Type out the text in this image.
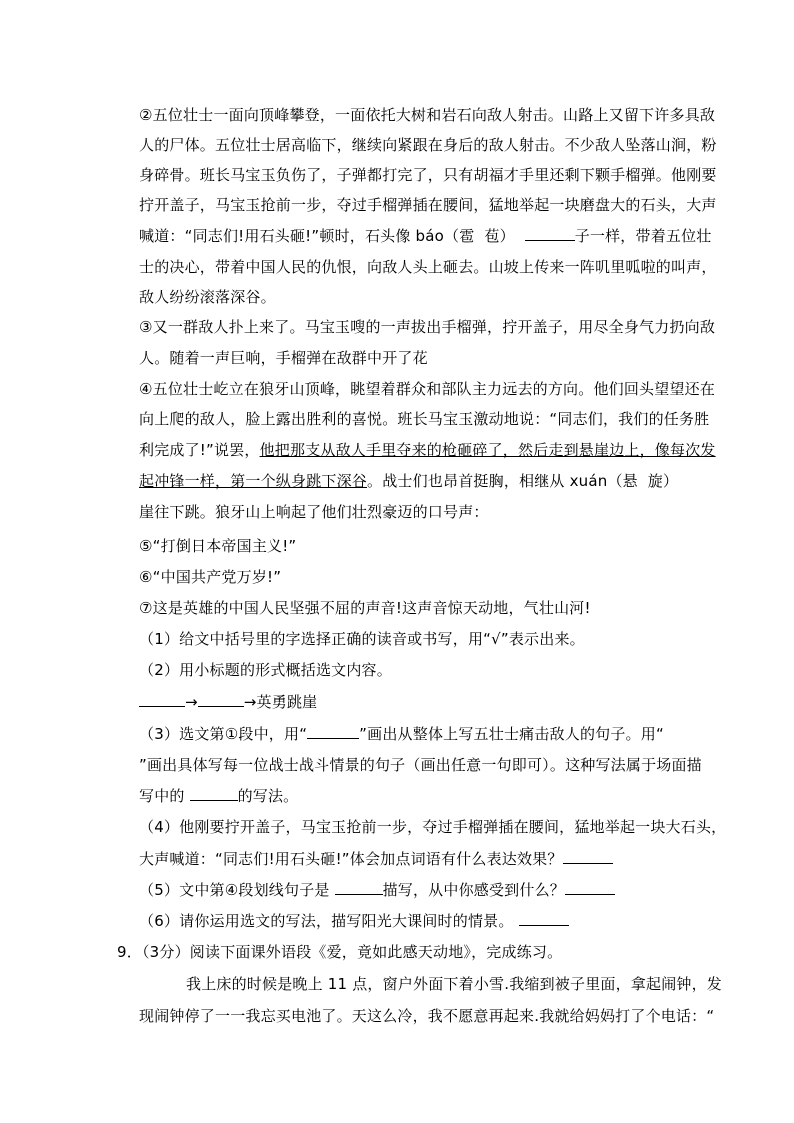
②五位壮士一面向顶峰攀登，一面依托大树和岩石向敌人射击。山路上又留下许多具敌
人的尸体。五位壮士居高临下，继续向紧跟在身后的敌人射击。不少敌人坠落山涧，粉
身碎骨。班长马宝玉负伤了，子弹都打完了，只有胡福才手里还剩下颗手榴弹。他刚要
拧开盖子，马宝玉抢前一步，夺过手榴弹插在腰间，猛地举起一块磨盘大的石头，大声
喊道：“同志们!用石头砸!”顿时，石头像 báo（雹  苞）	子一样，带着五位壮
士的决心，带着中国人民的仇恨，向敌人头上砸去。山坡上传来一阵叽里呱啦的叫声，
敌人纷纷滚落深谷。
③又一群敌人扑上来了。马宝玉嗖的一声拔出手榴弹，拧开盖子，用尽全身气力扔向敌
人。随着一声巨响，手榴弹在敌群中开了花
④五位壮士屹立在狼牙山顶峰，眺望着群众和部队主力远去的方向。他们回头望望还在
向上爬的敌人，脸上露出胜利的喜悦。班长马宝玉激动地说：“同志们，我们的任务胜
利完成了!”说罢，他把那支从敌人手里夺来的枪砸碎了，然后走到悬崖边上，像每次发
起冲锋一样，第一个纵身跳下深谷。战士们也昂首挺胸，相继从 xuán（悬  旋）
崖往下跳。狼牙山上响起了他们壮烈豪迈的口号声：
⑤“打倒日本帝国主义!”
⑥“中国共产党万岁!”
⑦这是英雄的中国人民坚强不屈的声音!这声音惊天动地，气壮山河!
（1）给文中括号里的字选择正确的读音或书写，用“√”表示出来。
（2）用小标题的形式概括选文内容。
→	→英勇跳崖
（3）选文第①段中，用“	”画出从整体上写五壮士痛击敌人的句子。用“
”画出具体写每一位战士战斗情景的句子（画出任意一句即可）。这种写法属于场面描
写中的	的写法。
（4）他刚要拧开盖子，马宝玉抢前一步，夺过手榴弹插在腰间，猛地举起一块大石头，
大声喊道：“同志们!用石头砸!”体会加点词语有什么表达效果？
（5）文中第④段划线句子是	描写，从中你感受到什么？
（6）请你运用选文的写法，描写阳光大课间时的情景。
9．（3分）阅读下面课外语段《爱，竟如此感天动地》，完成练习。
我上床的时候是晚上 11 点，窗户外面下着小雪.我缩到被子里面，拿起闹钟，发
现闹钟停了一一我忘买电池了。天这么冷，我不愿意再起来.我就给妈妈打了个电话：“
